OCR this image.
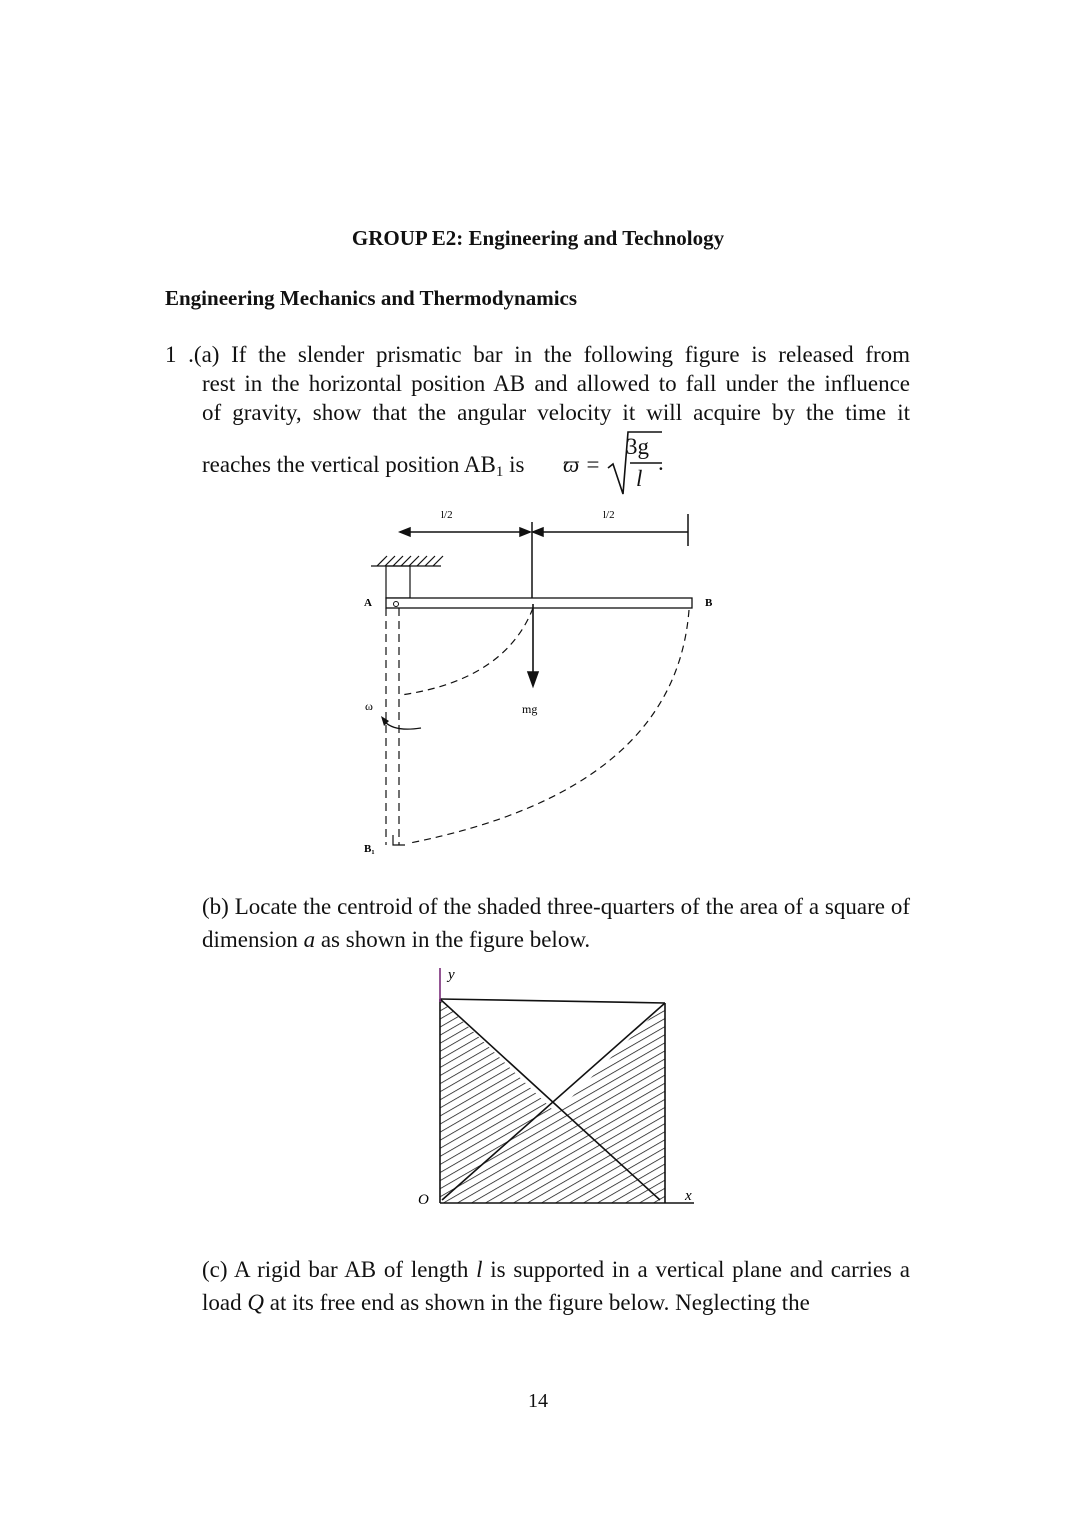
GROUP E2: Engineering and Technology
Engineering Mechanics and Thermodynamics
1 .(a) If the slender prismatic bar in the following figure is released from
rest in the horizontal position AB and allowed to fall under the influence
of gravity, show that the angular velocity it will acquire by the time it
reaches the vertical position AB1 is ϖ =
3g
l
.
l/2	l/2
A	B
mg
ω
B₁
(b) Locate the centroid of the shaded three-quarters of the area of a square of dimension a as shown in the figure below.
y
x
O
(c) A rigid bar AB of length l is supported in a vertical plane and carries a load Q at its free end as shown in the figure below. Neglecting the
14
